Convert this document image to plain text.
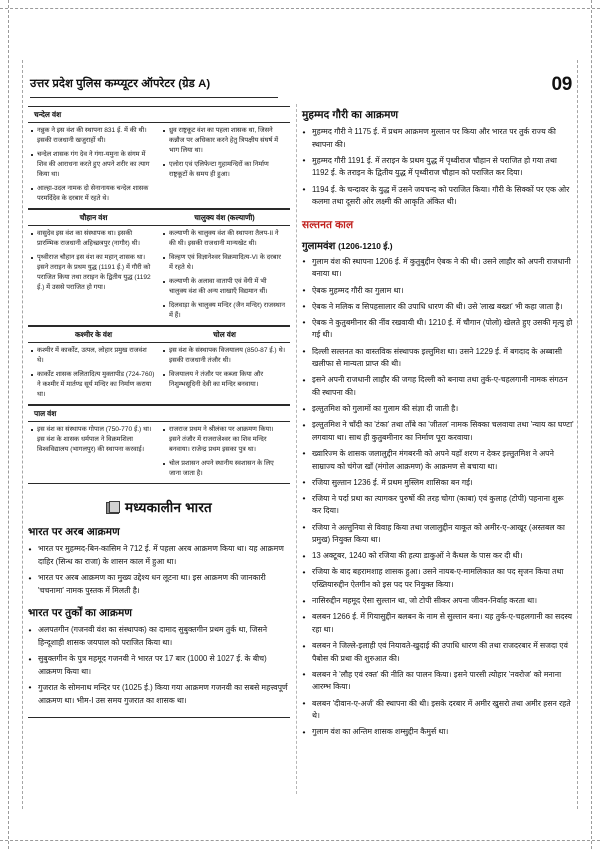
उत्तर प्रदेश पुलिस कम्प्यूटर ऑपरेटर (ग्रेड A)	09
चन्देल वंश

नन्नुक ने इस वंश की स्थापना 831 ई. में की थी। इसकी राजधानी खजुराहों थी।
चन्देल शासक गंग देव ने गंगा-यमुना के संगम में शिव की आराधना करते हुए अपने शरीर का त्याग किया था।
आल्हा-उदल नामक दो सेनानायक चन्देल शासक परमर्दिदेव के दरबार में रहते थे।

ध्रुव राष्ट्रकूट वंश का पहला शासक था, जिसने कन्नौज पर अधिकार करने हेतु त्रिपक्षीय संघर्ष में भाग लिया था।
एलोरा एवं एलिफेन्टा गुहामन्दिरों का निर्माण राष्ट्रकूटों के समय ही हुआ।
चौहान वंश	चालुक्य वंश (कल्याणी)

वासुदेव इस वंश का संस्थापक था। इसकी प्रारम्भिक राजधानी अहिच्छत्रपुर (नागौर) थी।
पृथ्वीराज चौहान इस वंश का महान् शासक था। इसने तराइन के प्रथम युद्ध (1191 ई.) में गौरी को पराजित किया तथा तराइन के द्वितीय युद्ध (1192 ई.) में उससे पराजित हो गया।

कल्याणी के चालुक्य वंश की स्थापना तैलप-II ने की थी। इसकी राजधानी मान्यखेट थी।
विल्हण एवं विज्ञानेश्वर विक्रमादित्य-VI के दरबार में रहते थे।
कल्याणी के अलावा वातापी एवं वेंगी में भी चालुक्य वंश की अन्य शाखाएँ विद्यमान थीं।
दिलवाड़ा के चालुक्य मन्दिर (जैन मन्दिर) राजस्थान में हैं।
कश्मीर के वंश	चोल वंश

कश्मीर में कार्कोट, उत्पल, लोहार प्रमुख राजवंश थे।
कार्कोट शासक ललितादित्य मुक्तापीड (724-760) ने कश्मीर में मार्तण्ड सूर्य मन्दिर का निर्माण कराया था।

इस वंश के संस्थापक विजयालय (850-87 ई.) थे। इसकी राजधानी तंजौर थी।
विजयालय ने तंजौर पर कब्जा किया और निशुम्भसूदिनी देवी का मन्दिर बनवाया।
पाल वंश

इस वंश का संस्थापक गोपाल (750-770 ई.) था। इस वंश के शासक धर्मपाल ने विक्रमशिला विश्वविद्यालय (भागलपुर) की स्थापना करवाई।

राजराज प्रथम ने श्रीलंका पर आक्रमण किया। इसने तंजौर में राजराजेश्वर का शिव मन्दिर बनवाया। राजेन्द्र प्रथम इसका पुत्र था।
चोल प्रशासन अपने स्थानीय स्वशासन के लिए जाना जाता है।
मध्यकालीन भारत
भारत पर अरब आक्रमण
• भारत पर मुहम्मद-बिन-कासिम ने 712 ई. में पहला अरब आक्रमण किया था। यह आक्रमण दाहिर (सिन्ध का राजा) के शासन काल में हुआ था।
• भारत पर अरब आक्रमण का मुख्य उद्देश्य धन लूटना था। इस आक्रमण की जानकारी 'चचनामा' नामक पुस्तक में मिलती है।
भारत पर तुर्कों का आक्रमण
• अलपतगीन (गजनवी वंश का संस्थापक) का दामाद सुबुक्तगीन प्रथम तुर्क था, जिसने हिन्दूशाही शासक जयपाल को पराजित किया था।
• सुबुक्तगीन के पुत्र महमूद गजनवी ने भारत पर 17 बार (1000 से 1027 ई. के बीच) आक्रमण किया था।
• गुजरात के सोमनाथ मन्दिर पर (1025 ई.) किया गया आक्रमण गजनवी का सबसे महत्त्वपूर्ण आक्रमण था। भीम-I उस समय गुजरात का शासक था।
मुहम्मद गौरी का आक्रमण
• मुहम्मद गौरी ने 1175 ई. में प्रथम आक्रमण मुल्तान पर किया और भारत पर तुर्क राज्य की स्थापना की।
• मुहम्मद गौरी 1191 ई. में तराइन के प्रथम युद्ध में पृथ्वीराज चौहान से पराजित हो गया तथा 1192 ई. के तराइन के द्वितीय युद्ध में पृथ्वीराज चौहान को पराजित कर दिया।
• 1194 ई. के चन्दावर के युद्ध में उसने जयचन्द को पराजित किया। गौरी के सिक्कों पर एक ओर कलमा तथा दूसरी ओर लक्ष्मी की आकृति अंकित थी।
सल्तनत काल
गुलामवंश (1206-1210 ई.)
• गुलाम वंश की स्थापना 1206 ई. में कुतुबुद्दीन ऐबक ने की थी। उसने लाहौर को अपनी राजधानी बनाया था।
• ऐबक मुहम्मद गौरी का गुलाम था।
• ऐबक ने मलिक व सिपहसालार की उपाधि धारण की थी। उसे 'लाख बख्श' भी कहा जाता है।
• ऐबक ने कुतुबमीनार की नींव रखवायी थी। 1210 ई. में चौगान (पोलो) खेलते हुए उसकी मृत्यु हो गई थी।
• दिल्ली सल्तनत का वास्तविक संस्थापक इल्तुमिश था। उसने 1229 ई. में बगदाद के अब्बासी खलीफा से मान्यता प्राप्त की थी।
• इसने अपनी राजधानी लाहौर की जगह दिल्ली को बनाया तथा तुर्क-ए-चहलगानी नामक संगठन की स्थापना की।
• इल्तुतमिश को गुलामों का गुलाम की संज्ञा दी जाती है।
• इल्तुतमिश ने चाँदी का 'टंका' तथा ताँबे का 'जीतल' नामक सिक्का चलवाया तथा 'न्याय का घण्टा' लगवाया था। साथ ही कुतुबमीनार का निर्माण पूरा करवाया।
• ख्वारिज्म के शासक जलालुद्दीन मंगबरनी को अपने यहाँ शरण न देकर इल्तुतमिश ने अपने साम्राज्य को चंगेज खाँ (मंगोल आक्रमण) के आक्रमण से बचाया था।
• रजिया सुल्तान 1236 ई. में प्रथम मुस्लिम शासिका बन गई।
• रजिया ने पर्दा प्रथा का त्यागकर पुरुषों की तरह चोगा (काबा) एवं कुलाह (टोपी) पहनाना शुरू कर दिया।
• रजिया ने अल्तुनिया से विवाह किया तथा जलालुद्दीन याकूत को अमीर-ए-आखूर (अस्तबल का प्रमुख) नियुक्त किया था।
• 13 अक्टूबर, 1240 को रजिया की हत्या डाकुओं ने कैथल के पास कर दी थी।
• रजिया के बाद बहरामशाह शासक हुआ। उसने नायब-ए-मामलिकात का पद सृजन किया तथा एख्तियारुद्दीन ऐतगीन को इस पद पर नियुक्त किया।
• नासिरुद्दीन महमूद ऐसा सुल्तान था, जो टोपी सीकर अपना जीवन-निर्वाह करता था।
• बलबन 1266 ई. में गियासुद्दीन बलबन के नाम से सुल्तान बना। यह तुर्क-ए-चहलगानी का सदस्य रहा था।
• बलबन ने जिल्ले-इलाही एवं नियावते-खुदाई की उपाधि धारण की तथा राजदरबार में सजदा एवं पैबोस की प्रथा की शुरुआत की।
• बलबन ने 'लौह एवं रक्त' की नीति का पालन किया। इसने पारसी त्योहार 'नवरोज' को मनाना आरम्भ किया।
• बलबन 'दीवान-ए-अर्ज' की स्थापना की थी। इसके दरबार में अमीर खुसरो तथा अमीर हसन रहते थे।
• गुलाम वंश का अन्तिम शासक शम्सुद्दीन कैमुर्स था।
